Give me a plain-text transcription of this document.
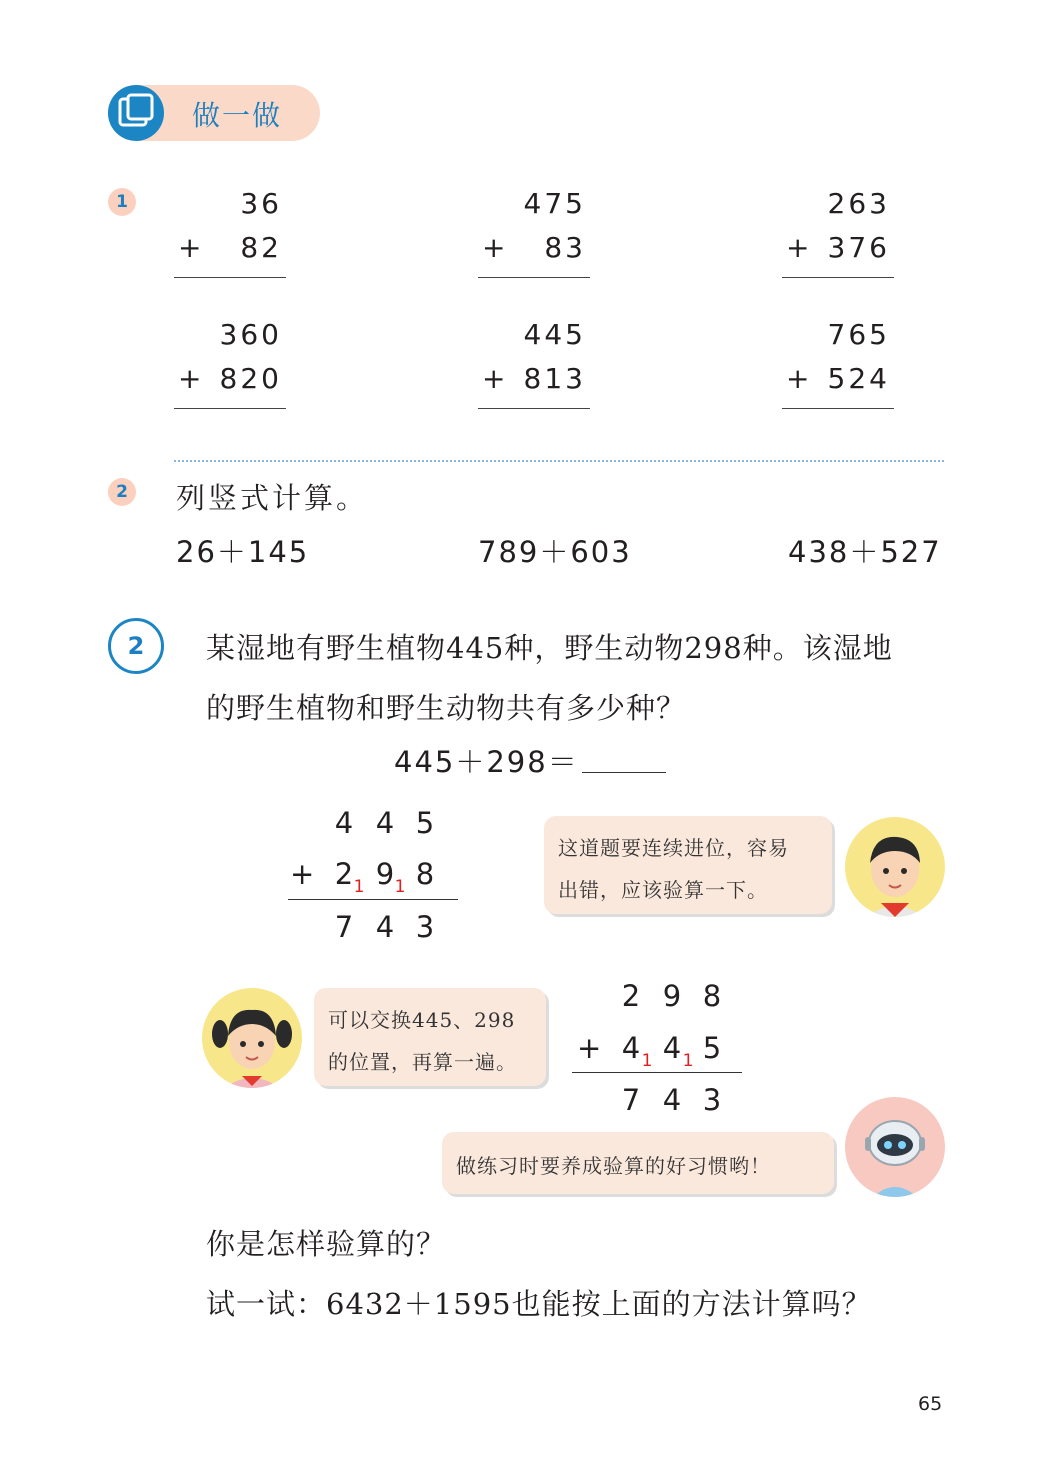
做一做
1	36
+ 82
475
+ 83
263
+ 376
360
+ 820
445
+ 813
765
+ 524
2 列竖式计算。
26＋145	789＋603	438＋527
2	某湿地有野生植物445种，野生动物298种。该湿地
的野生植物和野生动物共有多少种？
445＋298＝
4 4 5
+ 2 9 8
1 1
7 4 3
这道题要连续进位，容易
出错，应该验算一下。
可以交换445、298
的位置，再算一遍。
2 9 8
+ 4 4 5
1 1
7 4 3
做练习时要养成验算的好习惯哟！
你是怎样验算的？
试一试：6432＋1595也能按上面的方法计算吗？
65
